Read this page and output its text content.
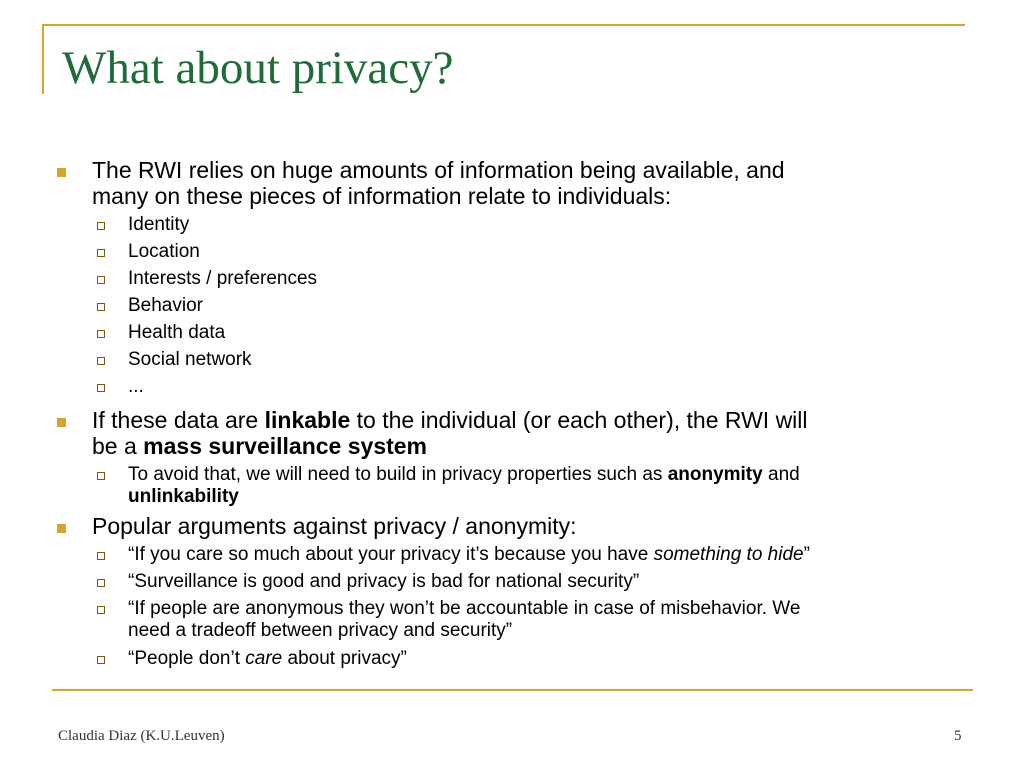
What about privacy?
The RWI relies on huge amounts of information being available, and
many on these pieces of information relate to individuals:
Identity
Location
Interests / preferences
Behavior
Health data
Social network
...
If these data are linkable to the individual (or each other), the RWI will
be a mass surveillance system
To avoid that, we will need to build in privacy properties such as anonymity and
unlinkability
Popular arguments against privacy / anonymity:
“If you care so much about your privacy it’s because you have something to hide”
“Surveillance is good and privacy is bad for national security”
“If people are anonymous they won’t be accountable in case of misbehavior. We
need a tradeoff between privacy and security”
“People don’t care about privacy”
Claudia Diaz (K.U.Leuven)	5
